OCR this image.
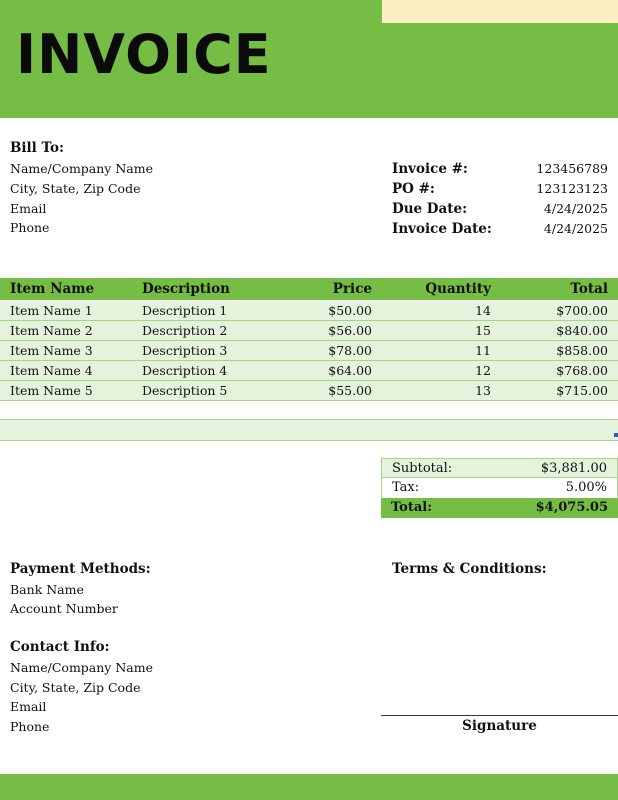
INVOICE
Bill To:
Name/Company Name
City, State, Zip Code
Email
Phone
Invoice #:	123456789
PO #:	123123123
Due Date:	4/24/2025
Invoice Date:	4/24/2025
Item Name	Description	Price	Quantity	Total
Item Name 1	Description 1	$50.00	14	$700.00
Item Name 2	Description 2	$56.00	15	$840.00
Item Name 3	Description 3	$78.00	11	$858.00
Item Name 4	Description 4	$64.00	12	$768.00
Item Name 5	Description 5	$55.00	13	$715.00
Subtotal:	$3,881.00
Tax:	5.00%
Total:	$4,075.05
Payment Methods:
Bank Name
Account Number
Terms & Conditions:
Contact Info:
Name/Company Name
City, State, Zip Code
Email
Phone	Signature
